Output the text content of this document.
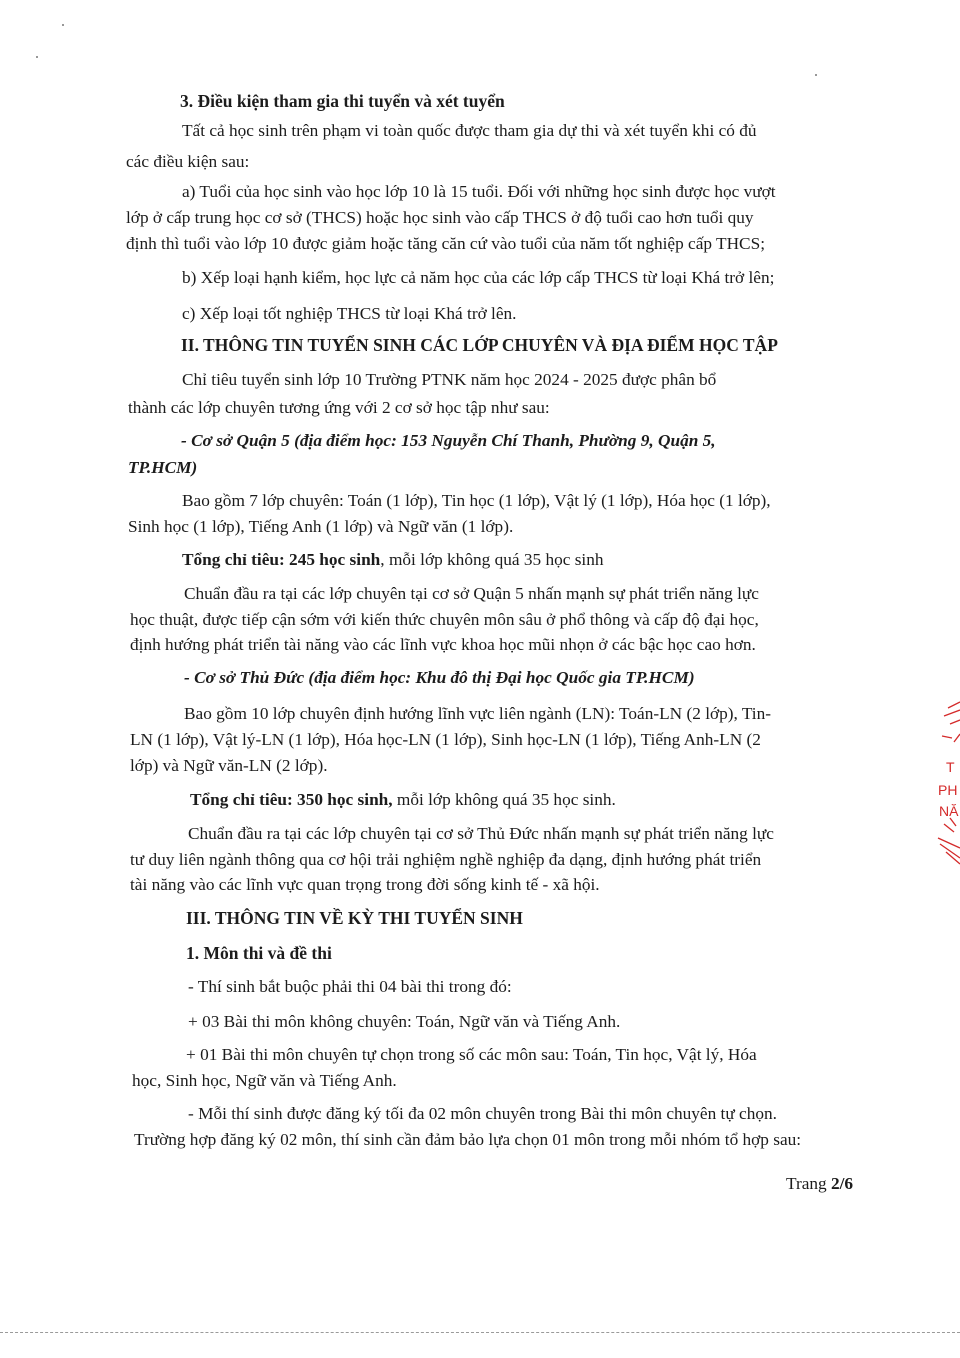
3. Điều kiện tham gia thi tuyển và xét tuyển
Tất cả học sinh trên phạm vi toàn quốc được tham gia dự thi và xét tuyển khi có đủ
các điều kiện sau:
a) Tuổi của học sinh vào học lớp 10 là 15 tuổi. Đối với những học sinh được học vượt
lớp ở cấp trung học cơ sở (THCS) hoặc học sinh vào cấp THCS ở độ tuổi cao hơn tuổi quy
định thì tuổi vào lớp 10 được giảm hoặc tăng căn cứ vào tuổi của năm tốt nghiệp cấp THCS;
b) Xếp loại hạnh kiểm, học lực cả năm học của các lớp cấp THCS từ loại Khá trở lên;
c) Xếp loại tốt nghiệp THCS từ loại Khá trở lên.
II. THÔNG TIN TUYỂN SINH CÁC LỚP CHUYÊN VÀ ĐỊA ĐIỂM HỌC TẬP
Chỉ tiêu tuyển sinh lớp 10 Trường PTNK năm học 2024 - 2025 được phân bổ
thành các lớp chuyên tương ứng với 2 cơ sở học tập như sau:
- Cơ sở Quận 5 (địa điểm học: 153 Nguyễn Chí Thanh, Phường 9, Quận 5,
TP.HCM)
Bao gồm 7 lớp chuyên: Toán (1 lớp), Tin học (1 lớp), Vật lý (1 lớp), Hóa học (1 lớp),
Sinh học (1 lớp), Tiếng Anh (1 lớp) và Ngữ văn (1 lớp).
Tổng chỉ tiêu: 245 học sinh, mỗi lớp không quá 35 học sinh
Chuẩn đầu ra tại các lớp chuyên tại cơ sở Quận 5 nhấn mạnh sự phát triển năng lực
học thuật, được tiếp cận sớm với kiến thức chuyên môn sâu ở phổ thông và cấp độ đại học,
định hướng phát triển tài năng vào các lĩnh vực khoa học mũi nhọn ở các bậc học cao hơn.
- Cơ sở Thủ Đức (địa điểm học: Khu đô thị Đại học Quốc gia TP.HCM)
Bao gồm 10 lớp chuyên định hướng lĩnh vực liên ngành (LN): Toán-LN (2 lớp), Tin-
LN (1 lớp), Vật lý-LN (1 lớp), Hóa học-LN (1 lớp), Sinh học-LN (1 lớp), Tiếng Anh-LN (2
lớp) và Ngữ văn-LN (2 lớp).
Tổng chỉ tiêu: 350 học sinh, mỗi lớp không quá 35 học sinh.
Chuẩn đầu ra tại các lớp chuyên tại cơ sở Thủ Đức nhấn mạnh sự phát triển năng lực
tư duy liên ngành thông qua cơ hội trải nghiệm nghề nghiệp đa dạng, định hướng phát triển
tài năng vào các lĩnh vực quan trọng trong đời sống kinh tế - xã hội.
III. THÔNG TIN VỀ KỲ THI TUYỂN SINH
1. Môn thi và đề thi
- Thí sinh bắt buộc phải thi 04 bài thi trong đó:
+ 03 Bài thi môn không chuyên: Toán, Ngữ văn và Tiếng Anh.
+ 01 Bài thi môn chuyên tự chọn trong số các môn sau: Toán, Tin học, Vật lý, Hóa
học, Sinh học, Ngữ văn và Tiếng Anh.
- Mỗi thí sinh được đăng ký tối đa 02 môn chuyên trong Bài thi môn chuyên tự chọn.
Trường hợp đăng ký 02 môn, thí sinh cần đảm bảo lựa chọn 01 môn trong mỗi nhóm tổ hợp sau:
Trang 2/6
T
PH
NĂ
